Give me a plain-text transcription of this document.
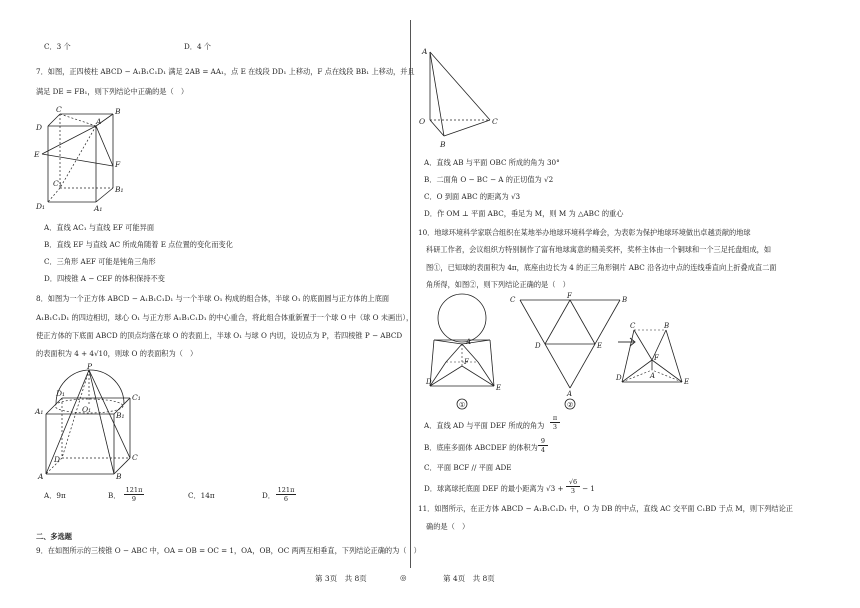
C．3 个	D．4 个
7．如图，正四棱柱 ABCD − A₁B₁C₁D₁ 满足 2AB = AA₁，点 E 在线段 DD₁ 上移动，F 点在线段 BB₁ 上移动，并且
满足 DE = FB₁，则下列结论中正确的是（　）
C	B
D
A
E
F
C₁
B₁
D₁	A₁
A．直线 AC₁ 与直线 EF 可能异面
B．直线 EF 与直线 AC 所成角随着 E 点位置的变化而变化
C．三角形 AEF 可能是钝角三角形
D．四棱锥 A − CEF 的体积保持不变
8．如图为一个正方体 ABCD − A₁B₁C₁D₁ 与一个半球 O₁ 构成的组合体，半球 O₁ 的底面圆与正方体的上底面
A₁B₁C₁D₁ 的四边相切，球心 O₁ 与正方形 A₁B₁C₁D₁ 的中心重合，将此组合体重新置于一个球 O 中（球 O 未画出），
使正方体的下底面 ABCD 的顶点均落在球 O 的表面上，半球 O₁ 与球 O 内切，设切点为 P，若四棱锥 P − ABCD
的表面积为 4 + 4√10，则球 O 的表面积为（　）
P
D₁	C₁
O₁
A₁	B₁
D	C
A	B
A．9π	B． $\frac{121\pi}{9}$	C．14π	D． $\frac{121\pi}{6}$
二、多选题
9．在如图所示的三棱锥 O − ABC 中，OA = OB = OC = 1，OA，OB，OC 两两互相垂直，下列结论正确的为（　）
A
O
B
C
A．直线 AB 与平面 OBC 所成的角为 30°
B．二面角 O − BC − A 的正切值为 √2
C．O 到面 ABC 的距离为 √3
D．作 OM ⊥ 平面 ABC，垂足为 M，则 M 为 △ABC 的重心
10．地球环境科学家联合组织在某地举办地球环境科学峰会，为表彰为保护地球环境做出卓越贡献的地球
科研工作者，会议组织方特别制作了富有地球寓意的精美奖杯，奖杯主体由一个铜球和一个三足托盘组成，如
图①，已知球的表面积为 4π，底座由边长为 4 的正三角形铜片 ABC 沿各边中点的连线垂直向上折叠成直二面
角所得，如图②，则下列结论正确的是（　）
A
F
D
E
①
C	F	B
D	E
A
②
C	B
F
D	E
A
A．直线 AD 与平面 DEF 所成的角为 $\frac{\pi}{3}$
B．底座多面体 ABCDEF 的体积为 $\frac{9}{4}$
C．平面 BCF // 平面 ADE
D．球离球托底面 DEF 的最小距离为 $√3 + \frac{√6}{3} - 1$
11．如图所示，在正方体 ABCD − A₁B₁C₁D₁ 中，O 为 DB 的中点，直线 AC 交平面 C₁BD 于点 M，则下列结论正
确的是（　）
第 3页　共 8页	◎	第 4页　共 8页
